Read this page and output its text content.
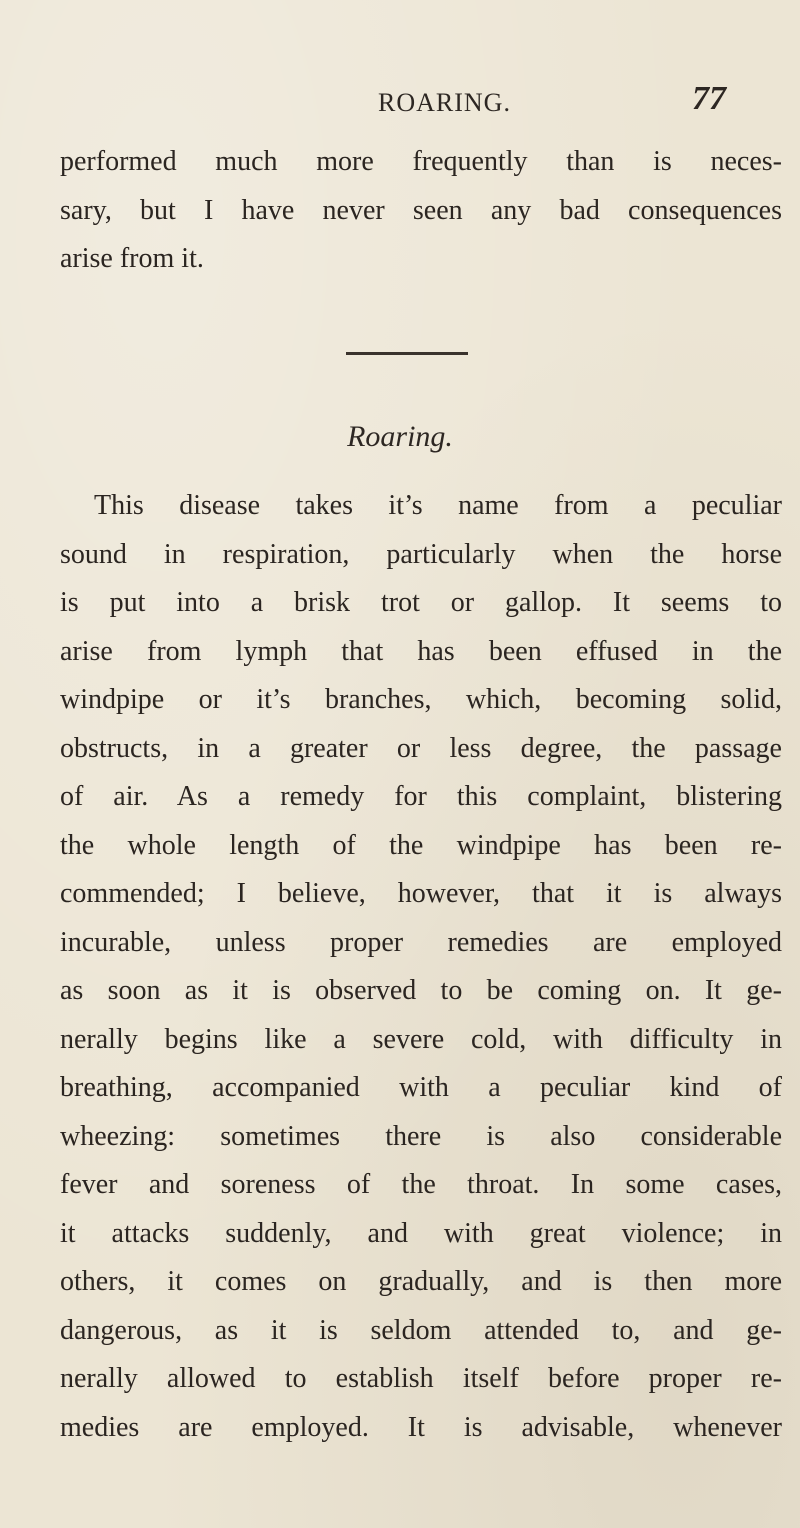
ROARING.	77
performed much more frequently than is neces-
sary, but I have never seen any bad consequences
arise from it.
Roaring.
This disease takes it’s name from a peculiar
sound in respiration, particularly when the horse
is put into a brisk trot or gallop. It seems to
arise from lymph that has been effused in the
windpipe or it’s branches, which, becoming solid,
obstructs, in a greater or less degree, the passage
of air. As a remedy for this complaint, blistering
the whole length of the windpipe has been re-
commended; I believe, however, that it is always
incurable, unless proper remedies are employed
as soon as it is observed to be coming on. It ge-
nerally begins like a severe cold, with difficulty in
breathing, accompanied with a peculiar kind of
wheezing: sometimes there is also considerable
fever and soreness of the throat. In some cases,
it attacks suddenly, and with great violence; in
others, it comes on gradually, and is then more
dangerous, as it is seldom attended to, and ge-
nerally allowed to establish itself before proper re-
medies are employed. It is advisable, whenever
